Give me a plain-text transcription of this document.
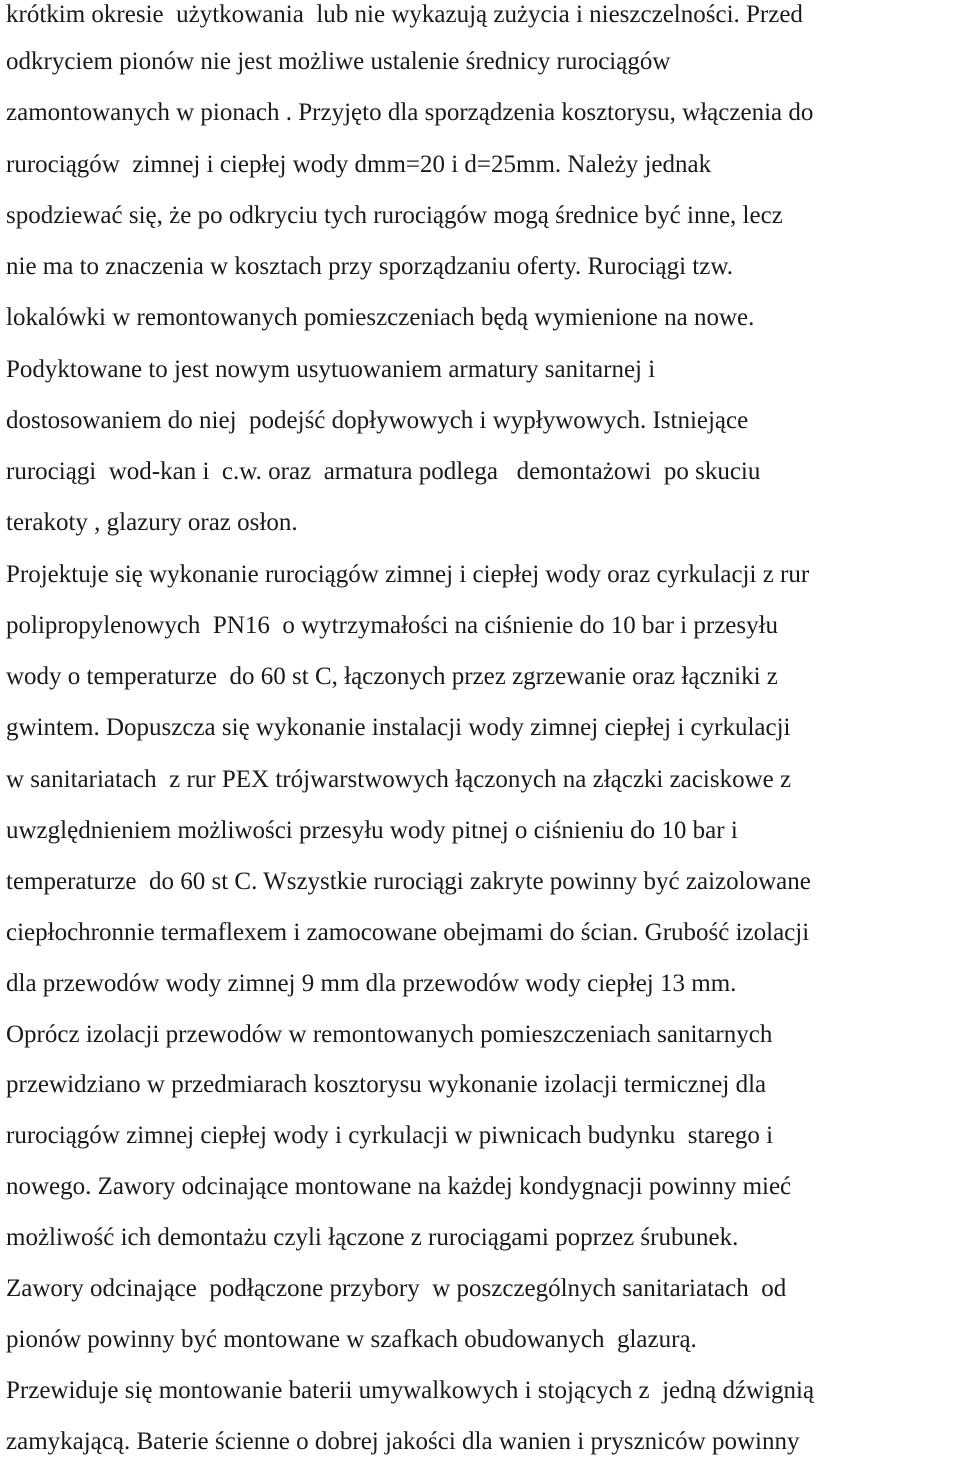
krótkim okresie  użytkowania  lub nie wykazują zużycia i nieszczelności. Przed
odkryciem pionów nie jest możliwe ustalenie średnicy rurociągów
zamontowanych w pionach . Przyjęto dla sporządzenia kosztorysu, włączenia do
rurociągów  zimnej i ciepłej wody dmm=20 i d=25mm. Należy jednak
spodziewać się, że po odkryciu tych rurociągów mogą średnice być inne, lecz
nie ma to znaczenia w kosztach przy sporządzaniu oferty. Rurociągi tzw.
lokalówki w remontowanych pomieszczeniach będą wymienione na nowe.
Podyktowane to jest nowym usytuowaniem armatury sanitarnej i
dostosowaniem do niej  podejść dopływowych i wypływowych. Istniejące
rurociągi  wod-kan i  c.w. oraz  armatura podlega   demontażowi  po skuciu
terakoty , glazury oraz osłon.
Projektuje się wykonanie rurociągów zimnej i ciepłej wody oraz cyrkulacji z rur
polipropylenowych  PN16  o wytrzymałości na ciśnienie do 10 bar i przesyłu
wody o temperaturze  do 60 st C, łączonych przez zgrzewanie oraz łączniki z
gwintem. Dopuszcza się wykonanie instalacji wody zimnej ciepłej i cyrkulacji
w sanitariatach  z rur PEX trójwarstwowych łączonych na złączki zaciskowe z
uwzględnieniem możliwości przesyłu wody pitnej o ciśnieniu do 10 bar i
temperaturze  do 60 st C. Wszystkie rurociągi zakryte powinny być zaizolowane
ciepłochronnie termaflexem i zamocowane obejmami do ścian. Grubość izolacji
dla przewodów wody zimnej 9 mm dla przewodów wody ciepłej 13 mm.
Oprócz izolacji przewodów w remontowanych pomieszczeniach sanitarnych
przewidziano w przedmiarach kosztorysu wykonanie izolacji termicznej dla
rurociągów zimnej ciepłej wody i cyrkulacji w piwnicach budynku  starego i
nowego. Zawory odcinające montowane na każdej kondygnacji powinny mieć
możliwość ich demontażu czyli łączone z rurociągami poprzez śrubunek.
Zawory odcinające  podłączone przybory  w poszczególnych sanitariatach  od
pionów powinny być montowane w szafkach obudowanych  glazurą.
Przewiduje się montowanie baterii umywalkowych i stojących z  jedną dźwignią
zamykającą. Baterie ścienne o dobrej jakości dla wanien i pryszniców powinny
